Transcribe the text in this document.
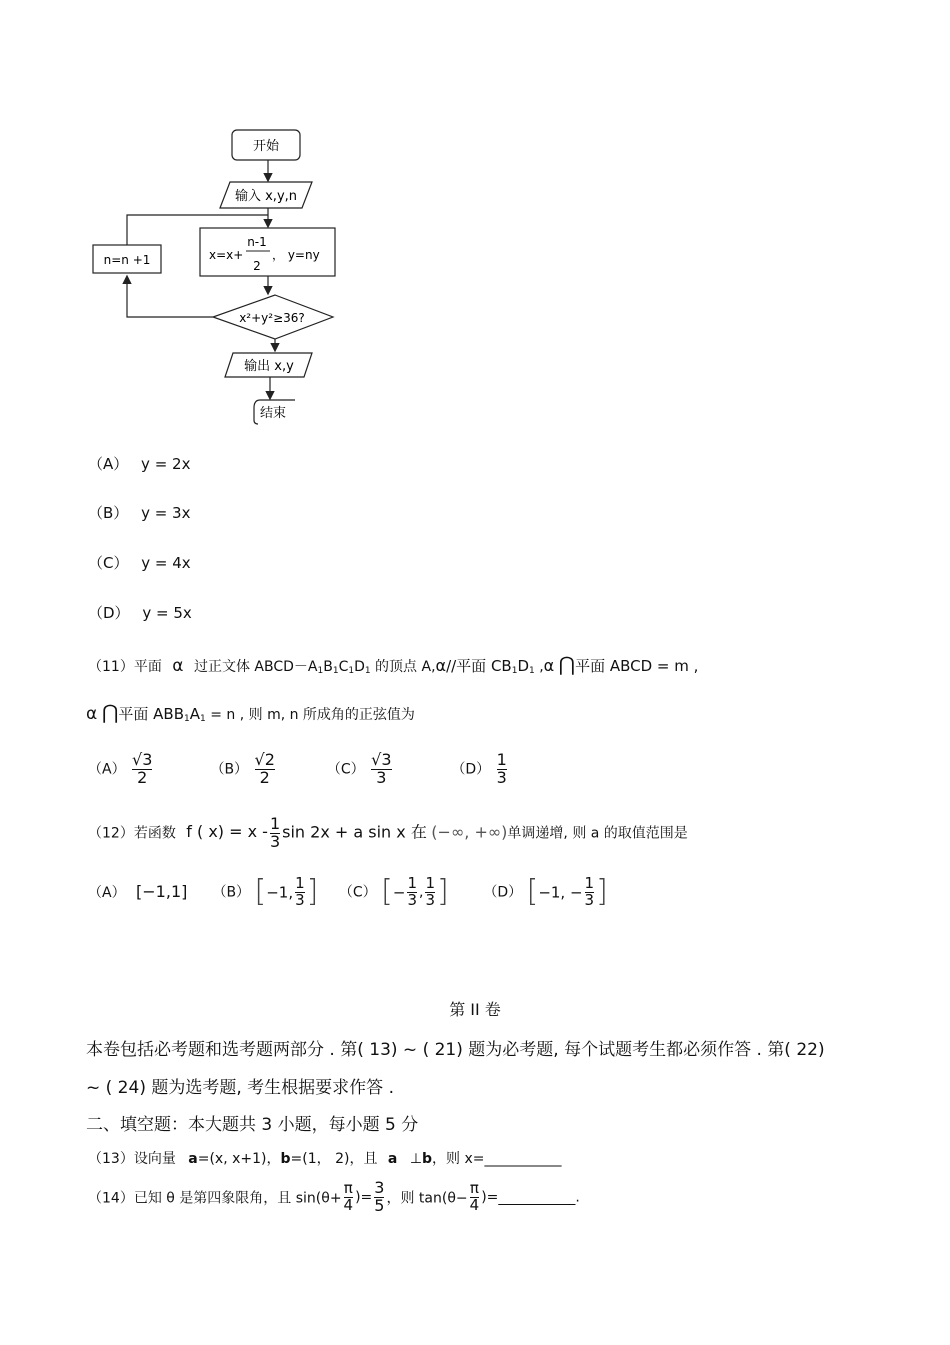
开始
输入 x,y,n
x=x+
n-1
2
， y=ny
n=n +1
x²+y²≥36?
输出 x,y
结束
（A） y = 2x
（B） y = 3x
（C） y = 4x
（D） y = 5x
（11）平面 α 过正文体 $ABCD-A_1B_1C_1D_1$ 的顶点 A,α//平面 $CB_1D_1$ ,α ⋂平面 ABCD = m ,
α ⋂平面 $ABB_1A_1 = n$ , 则 m, n 所成角的正弦值为
$(A) \frac{√3}{2}$	$(B) \frac{√2}{2}$	$(C) \frac{√3}{3}$	$(D) \frac{1}{3}$
（12）若函数 f ( $x) = x - \frac{1}{3}$ sin 2x + a sin x 在 (−∞, +∞)单调递增, 则 a 的取值范围是
（A） [−1,1] （B） [−1, $\frac{1}{3}$ ] （C） [− $\frac{1}{3}$ , $\frac{1}{3}$ ] （D） [−1, − $\frac{1}{3}$ ]
第 II 卷
本卷包括必考题和选考题两部分 . 第( 13) ~ ( 21) 题为必考题, 每个试题考生都必须作答 . 第( 22)
~ ( 24) 题为选考题, 考生根据要求作答 .
二、填空题：本大题共 3 小题，每小题 5 分
（13）设向量 a=(x, x+1)，b=(1， 2)，且 a ⊥b，则 x=___________
（14）已知 θ 是第四象限角，且 $\sin(\theta+ \frac{\pi}{4}$ )= $\frac{3}{5}$ ，则 $\tan(\theta- \frac{\pi}{4}$ )=___________.
